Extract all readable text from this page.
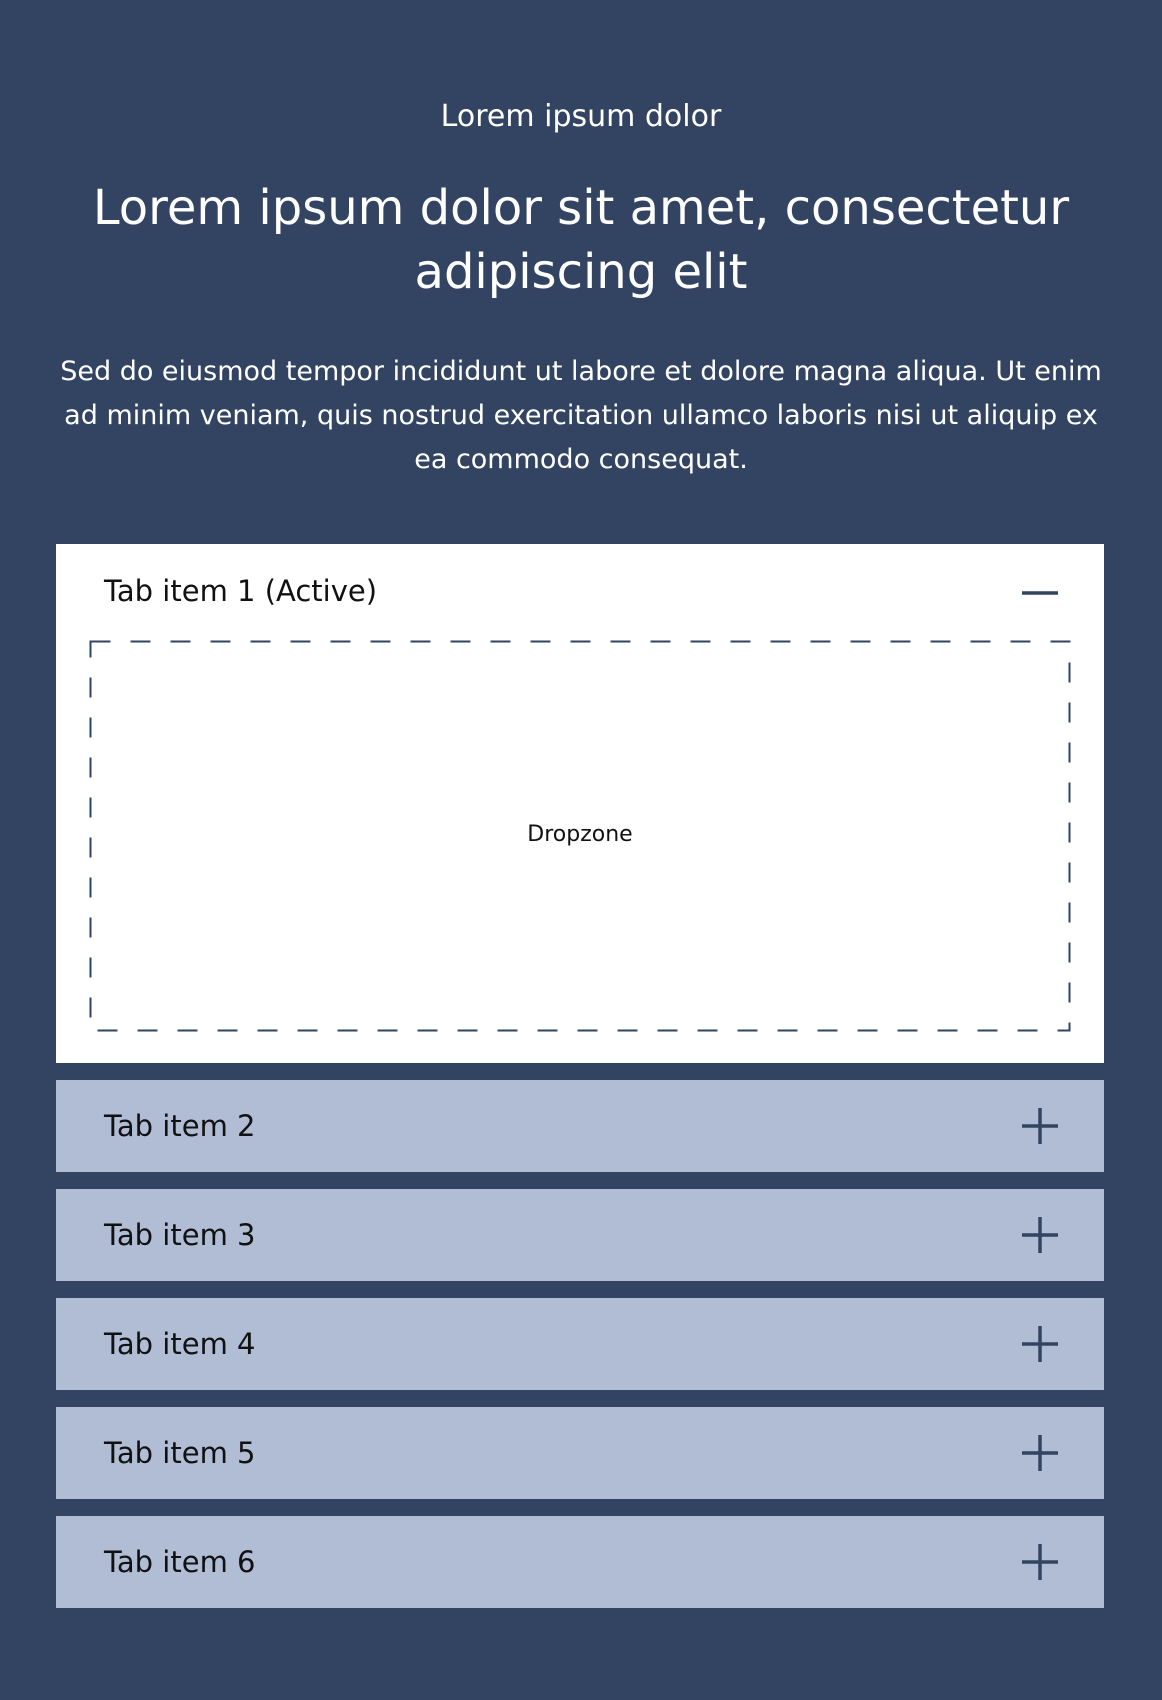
Lorem ipsum dolor

Lorem ipsum dolor sit amet, consectetur adipiscing elit

Sed do eiusmod tempor incididunt ut labore et dolore magna aliqua. Ut enim ad minim veniam, quis nostrud exercitation ullamco laboris nisi ut aliquip ex ea commodo consequat.

Tab item 1 (Active)
Dropzone
Tab item 2
Tab item 3
Tab item 4
Tab item 5
Tab item 6
